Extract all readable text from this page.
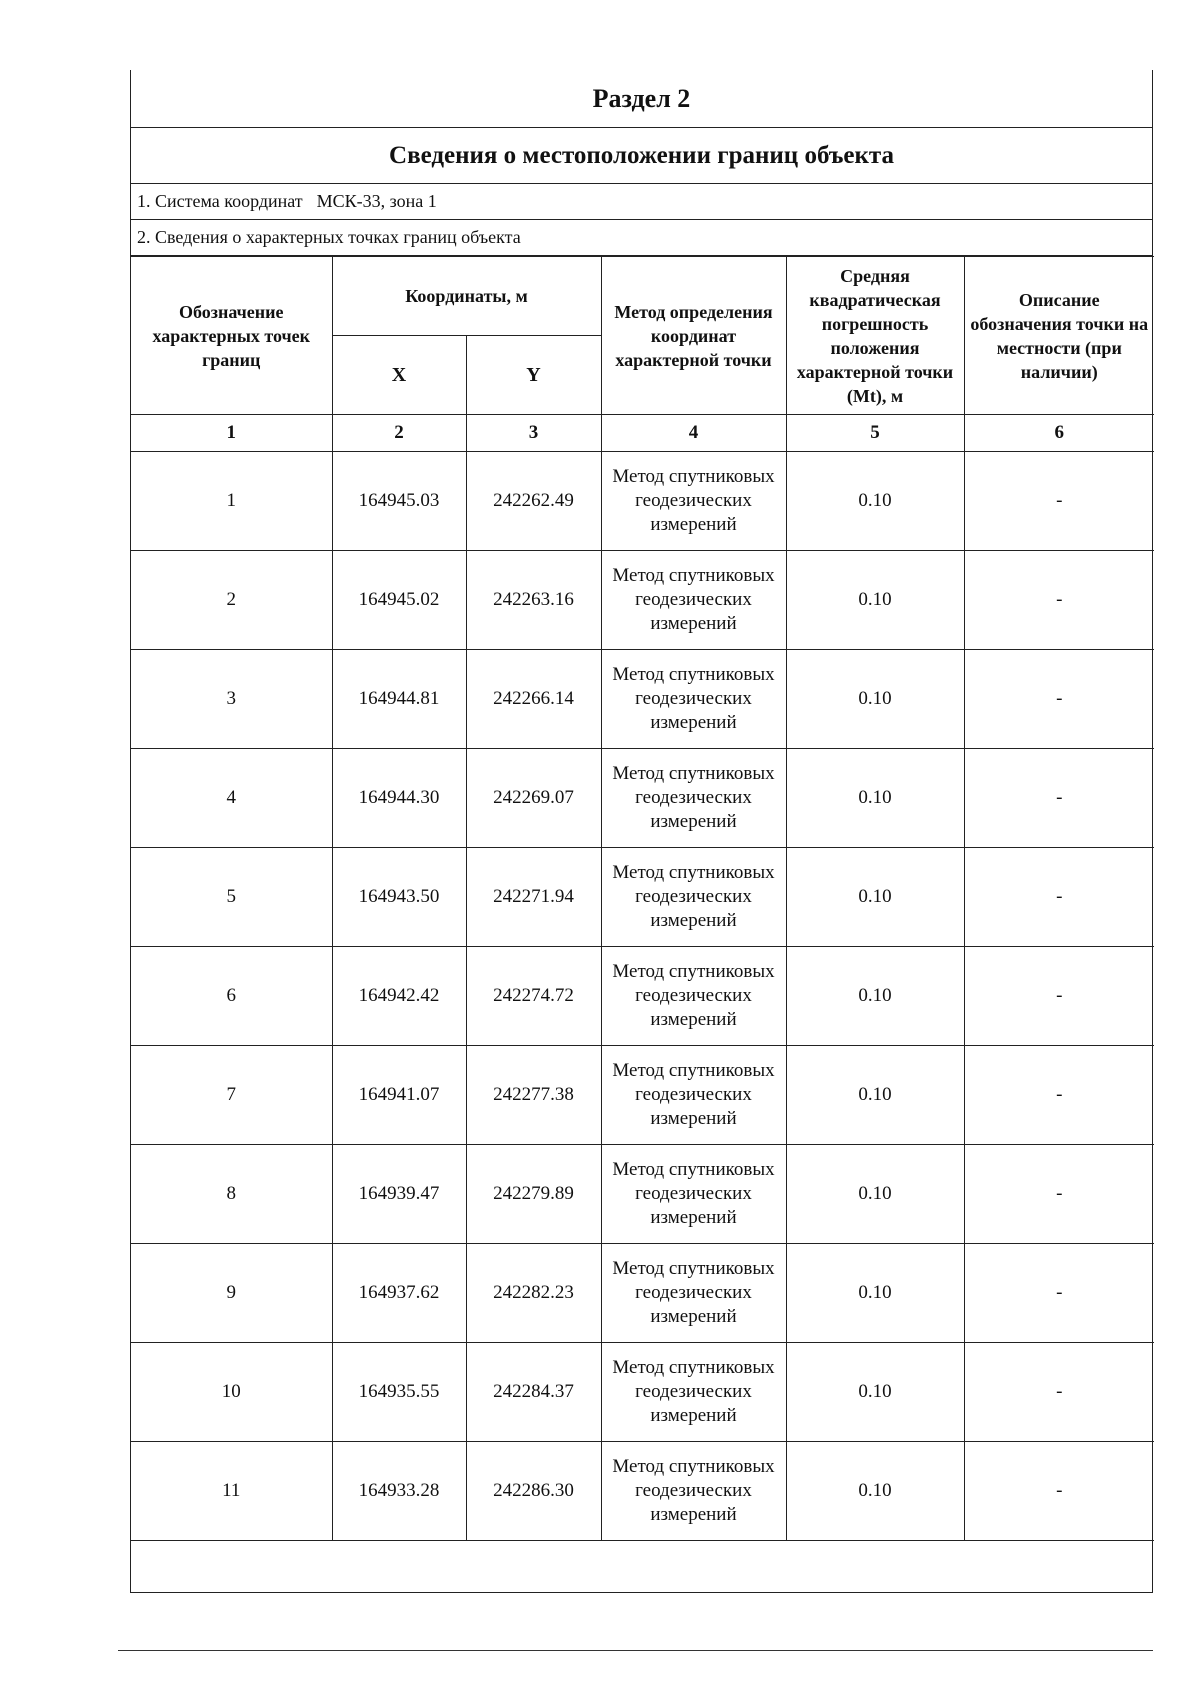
Раздел 2
Сведения о местоположении границ объекта
1. Система координат МСК-33, зона 1
2. Сведения о характерных точках границ объекта
Обозначение характерных точек границ	Координаты, м		Метод определения координат характерной точки	Средняя квадратическая погрешность положения характерной точки (Mt), м	Описание обозначения точки на местности (при наличии)
	X	Y			
1	2	3	4	5	6
1	164945.03	242262.49	Метод спутниковых геодезических измерений	0.10	-
2	164945.02	242263.16	Метод спутниковых геодезических измерений	0.10	-
3	164944.81	242266.14	Метод спутниковых геодезических измерений	0.10	-
4	164944.30	242269.07	Метод спутниковых геодезических измерений	0.10	-
5	164943.50	242271.94	Метод спутниковых геодезических измерений	0.10	-
6	164942.42	242274.72	Метод спутниковых геодезических измерений	0.10	-
7	164941.07	242277.38	Метод спутниковых геодезических измерений	0.10	-
8	164939.47	242279.89	Метод спутниковых геодезических измерений	0.10	-
9	164937.62	242282.23	Метод спутниковых геодезических измерений	0.10	-
10	164935.55	242284.37	Метод спутниковых геодезических измерений	0.10	-
11	164933.28	242286.30	Метод спутниковых геодезических измерений	0.10	-
